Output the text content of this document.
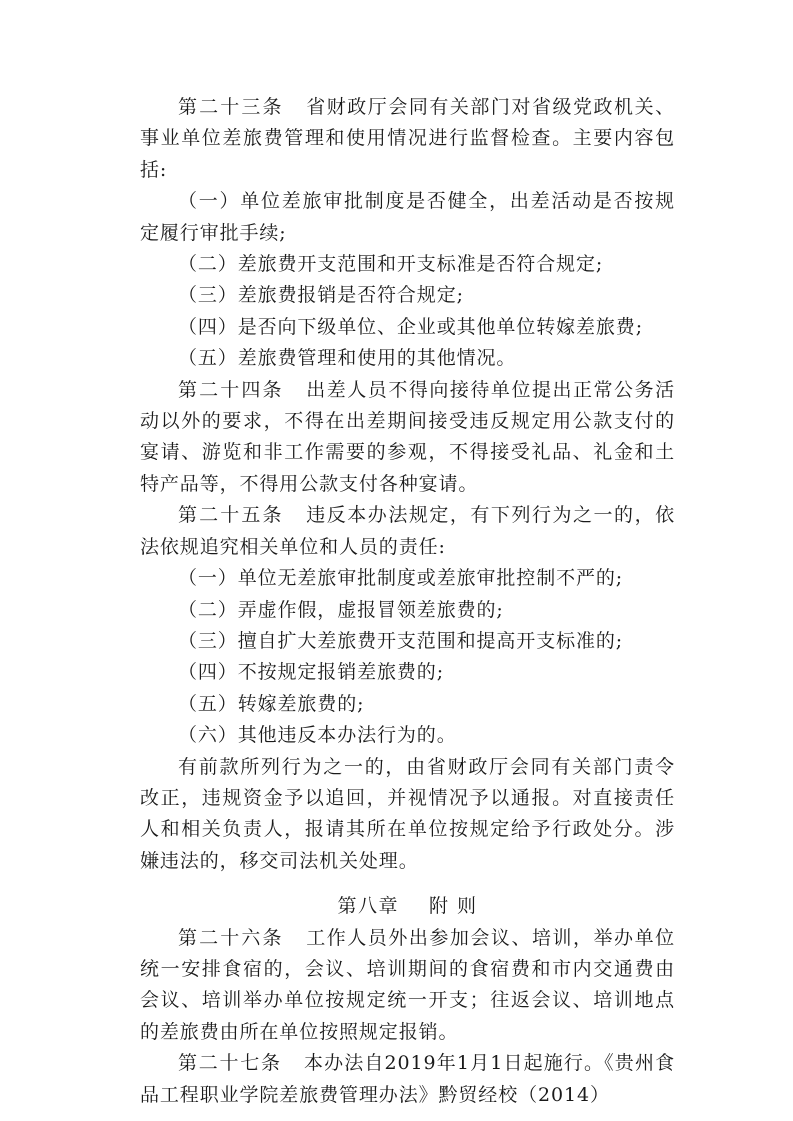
第二十三条 省财政厅会同有关部门对省级党政机关、事业单位差旅费管理和使用情况进行监督检查。主要内容包括:

（一）单位差旅审批制度是否健全，出差活动是否按规定履行审批手续;

（二）差旅费开支范围和开支标准是否符合规定;

（三）差旅费报销是否符合规定;

（四）是否向下级单位、企业或其他单位转嫁差旅费;

（五）差旅费管理和使用的其他情况。

第二十四条 出差人员不得向接待单位提出正常公务活动以外的要求，不得在出差期间接受违反规定用公款支付的宴请、游览和非工作需要的参观，不得接受礼品、礼金和土特产品等，不得用公款支付各种宴请。

第二十五条 违反本办法规定，有下列行为之一的，依法依规追究相关单位和人员的责任:

（一）单位无差旅审批制度或差旅审批控制不严的;

（二）弄虚作假，虚报冒领差旅费的;

（三）擅自扩大差旅费开支范围和提高开支标准的;

（四）不按规定报销差旅费的;

（五）转嫁差旅费的;

（六）其他违反本办法行为的。

有前款所列行为之一的，由省财政厅会同有关部门责令改正，违规资金予以追回，并视情况予以通报。对直接责任人和相关负责人，报请其所在单位按规定给予行政处分。涉嫌违法的，移交司法机关处理。

第八章 附 则

第二十六条 工作人员外出参加会议、培训，举办单位统一安排食宿的，会议、培训期间的食宿费和市内交通费由会议、培训举办单位按规定统一开支；往返会议、培训地点的差旅费由所在单位按照规定报销。

第二十七条 本办法自2019年1月1日起施行。《贵州食品工程职业学院差旅费管理办法》黔贸经校（2014）
